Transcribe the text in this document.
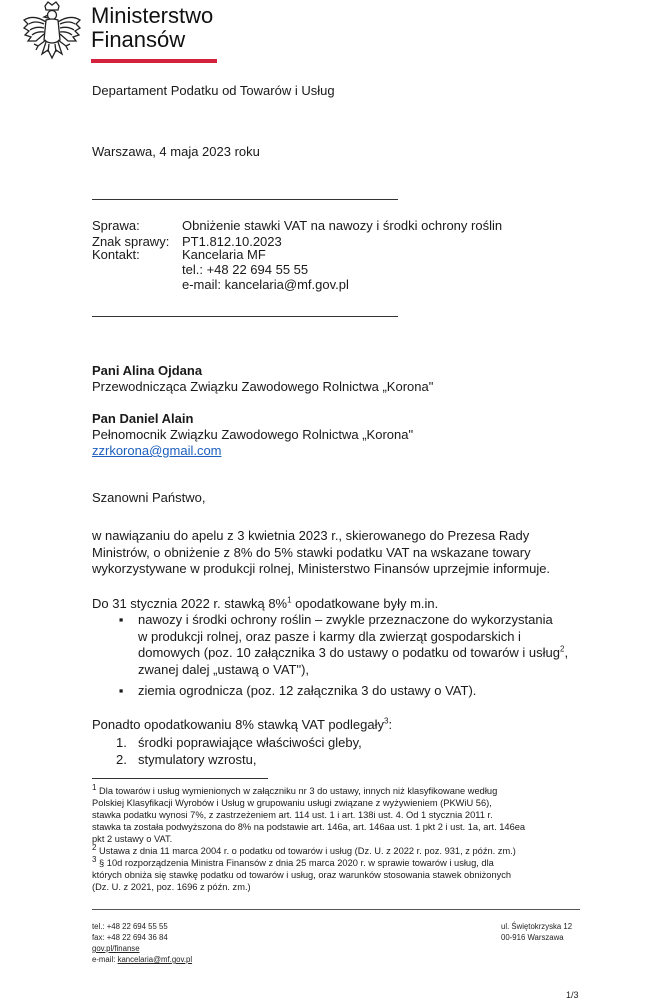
Ministerstwo
Finansów
Departament Podatku od Towarów i Usług
Warszawa, 4 maja 2023 roku
Sprawa:	Obniżenie stawki VAT na nawozy i środki ochrony roślin
Znak sprawy: PT1.812.10.2023
Kontakt:	Kancelaria MF
tel.: +48 22 694 55 55
e-mail: kancelaria@mf.gov.pl
Pani Alina Ojdana
Przewodnicząca Związku Zawodowego Rolnictwa „Korona"
Pan Daniel Alain
Pełnomocnik Związku Zawodowego Rolnictwa „Korona"
zzrkorona@gmail.com
Szanowni Państwo,
w nawiązaniu do apelu z 3 kwietnia 2023 r., skierowanego do Prezesa Rady
Ministrów, o obniżenie z 8% do 5% stawki podatku VAT na wskazane towary
wykorzystywane w produkcji rolnej, Ministerstwo Finansów uprzejmie informuje.
Do 31 stycznia 2022 r. stawką 8%$^1$ opodatkowane były m.in.
▪ nawozy i środki ochrony roślin – zwykle przeznaczone do wykorzystania
w produkcji rolnej, oraz pasze i karmy dla zwierząt gospodarskich i
domowych (poz. 10 załącznika 3 do ustawy o podatku od towarów i usług$^2$,
zwanej dalej „ustawą o VAT"),
▪ ziemia ogrodnicza (poz. 12 załącznika 3 do ustawy o VAT).
Ponadto opodatkowaniu 8% stawką VAT podlegały$^3$:
1. środki poprawiające właściwości gleby,
2. stymulatory wzrostu,
$^1$ Dla towarów i usług wymienionych w załączniku nr 3 do ustawy, innych niż klasyfikowane według
Polskiej Klasyfikacji Wyrobów i Usług w grupowaniu usługi związane z wyżywieniem (PKWiU 56),
stawka podatku wynosi 7%, z zastrzeżeniem art. 114 ust. 1 i art. 138i ust. 4. Od 1 stycznia 2011 r.
stawka ta została podwyższona do 8% na podstawie art. 146a, art. 146aa ust. 1 pkt 2 i ust. 1a, art. 146ea
pkt 2 ustawy o VAT.
$^2$ Ustawa z dnia 11 marca 2004 r. o podatku od towarów i usług (Dz. U. z 2022 r. poz. 931, z późn. zm.)
$^3$ § 10d rozporządzenia Ministra Finansów z dnia 25 marca 2020 r. w sprawie towarów i usług, dla
których obniża się stawkę podatku od towarów i usług, oraz warunków stosowania stawek obniżonych
(Dz. U. z 2021, poz. 1696 z późn. zm.)
tel.: +48 22 694 55 55
fax: +48 22 694 36 84
gov.pl/finanse
e-mail: kancelaria@mf.gov.pl
ul. Świętokrzyska 12
00-916 Warszawa
1/3
